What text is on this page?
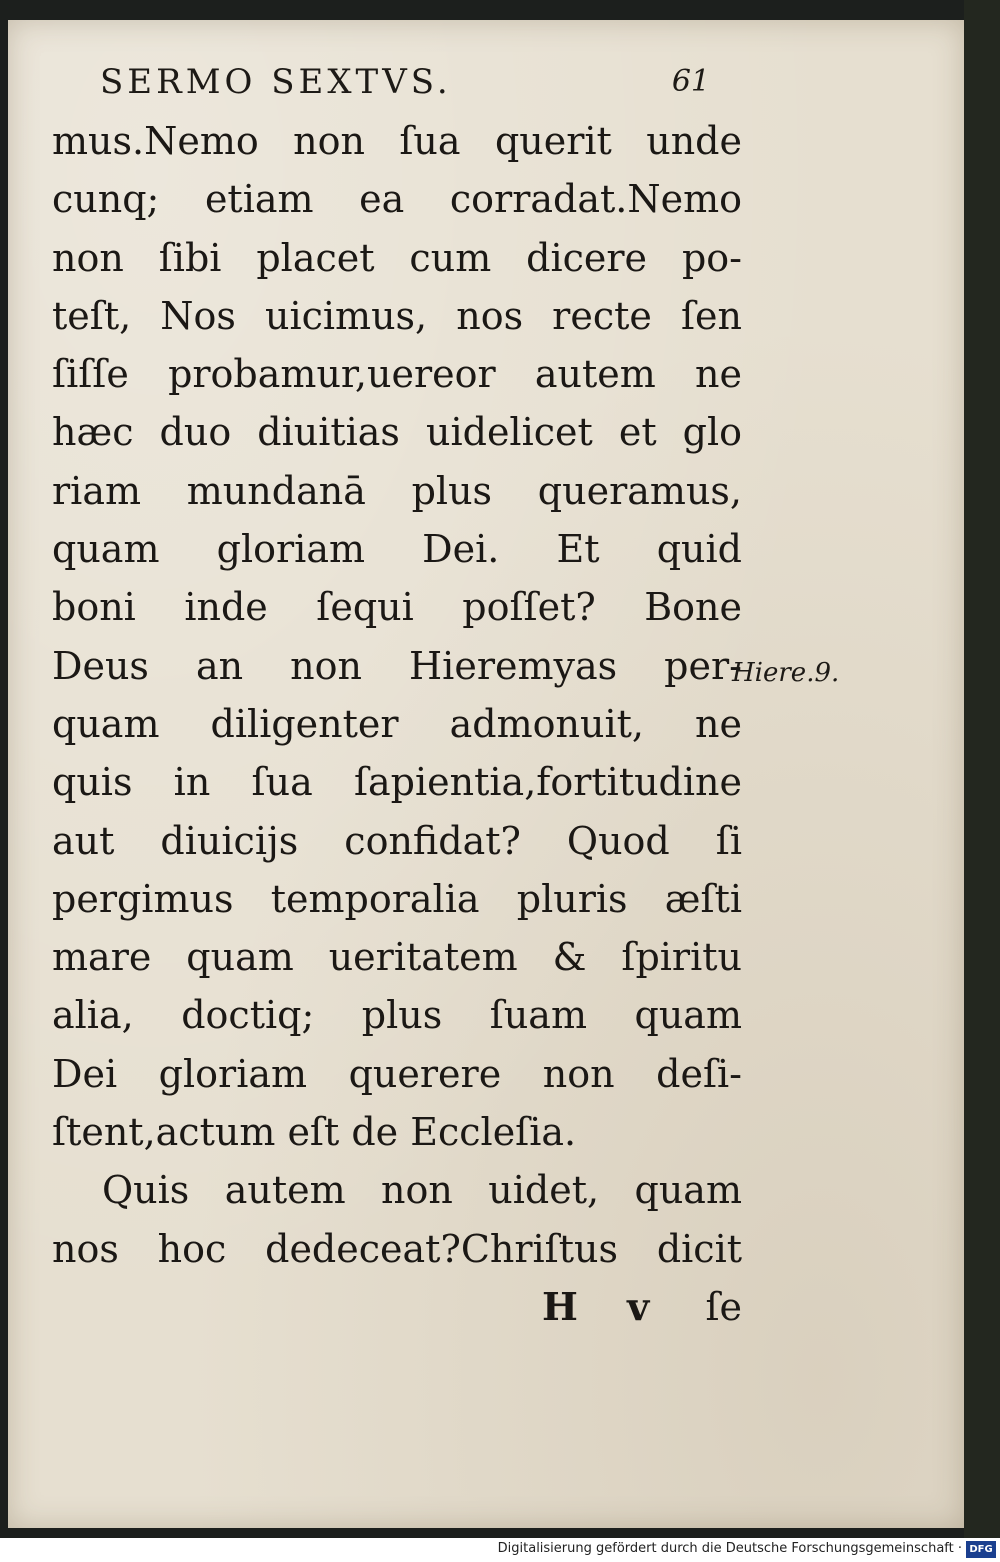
SERMO SEXTVS.	61
mus.Nemo non ſua querit unde
cunq; etiam ea corradat.Nemo
non ſibi placet cum dicere po-
teſt, Nos uicimus, nos recte ſen
ſiſſe probamur,uereor autem ne
hæc duo diuitias uidelicet et glo
riam mundanā plus queramus,
quam gloriam Dei. Et quid
boni inde ſequi poſſet? Bone
Deus an non Hieremyas per-
quam diligenter admonuit, ne
quis in ſua ſapientia,fortitudine
aut diuicijs confidat? Quod ſi
pergimus temporalia pluris æſti
mare quam ueritatem & ſpiritu
alia, doctiq; plus ſuam quam
Dei gloriam querere non deſi-
ſtent,actum eſt de Eccleſia.
Quis autem non uidet, quam
nos hoc dedeceat?Chriſtus dicit
H v ſe
Hiere.9.
Digitalisierung gefördert durch die Deutsche Forschungsgemeinschaft · DFG
